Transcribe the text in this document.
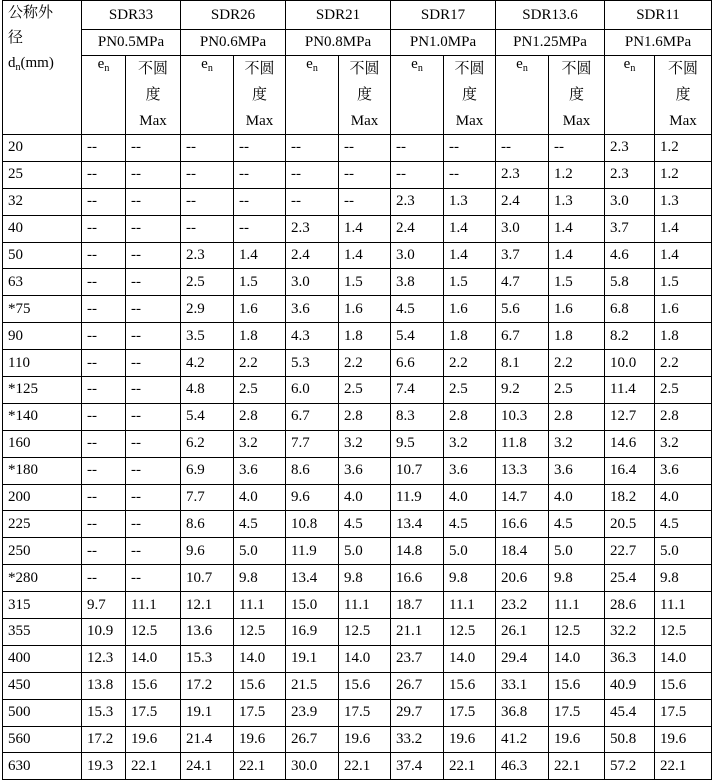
公称外
径
$d_n(mm)$	SDR33		SDR26		SDR21		SDR17		SDR13.6		SDR11	
	PN0.5MPa		PN0.6MPa		PN0.8MPa		PN1.0MPa		PN1.25MPa		PN1.6MPa	
	$e_n$	不圆
度
Max	$e_n$	不圆
度
Max	$e_n$	不圆
度
Max	$e_n$	不圆
度
Max	$e_n$	不圆
度
Max	$e_n$	不圆
度
Max

20	--	--	--	--	--	--	--	--	--	--	2.3	1.2
25	--	--	--	--	--	--	--	--	2.3	1.2	2.3	1.2
32	--	--	--	--	--	--	2.3	1.3	2.4	1.3	3.0	1.3
40	--	--	--	--	2.3	1.4	2.4	1.4	3.0	1.4	3.7	1.4
50	--	--	2.3	1.4	2.4	1.4	3.0	1.4	3.7	1.4	4.6	1.4
63	--	--	2.5	1.5	3.0	1.5	3.8	1.5	4.7	1.5	5.8	1.5
*75	--	--	2.9	1.6	3.6	1.6	4.5	1.6	5.6	1.6	6.8	1.6
90	--	--	3.5	1.8	4.3	1.8	5.4	1.8	6.7	1.8	8.2	1.8
110	--	--	4.2	2.2	5.3	2.2	6.6	2.2	8.1	2.2	10.0	2.2
*125	--	--	4.8	2.5	6.0	2.5	7.4	2.5	9.2	2.5	11.4	2.5
*140	--	--	5.4	2.8	6.7	2.8	8.3	2.8	10.3	2.8	12.7	2.8
160	--	--	6.2	3.2	7.7	3.2	9.5	3.2	11.8	3.2	14.6	3.2
*180	--	--	6.9	3.6	8.6	3.6	10.7	3.6	13.3	3.6	16.4	3.6
200	--	--	7.7	4.0	9.6	4.0	11.9	4.0	14.7	4.0	18.2	4.0
225	--	--	8.6	4.5	10.8	4.5	13.4	4.5	16.6	4.5	20.5	4.5
250	--	--	9.6	5.0	11.9	5.0	14.8	5.0	18.4	5.0	22.7	5.0
*280	--	--	10.7	9.8	13.4	9.8	16.6	9.8	20.6	9.8	25.4	9.8
315	9.7	11.1	12.1	11.1	15.0	11.1	18.7	11.1	23.2	11.1	28.6	11.1
355	10.9	12.5	13.6	12.5	16.9	12.5	21.1	12.5	26.1	12.5	32.2	12.5
400	12.3	14.0	15.3	14.0	19.1	14.0	23.7	14.0	29.4	14.0	36.3	14.0
450	13.8	15.6	17.2	15.6	21.5	15.6	26.7	15.6	33.1	15.6	40.9	15.6
500	15.3	17.5	19.1	17.5	23.9	17.5	29.7	17.5	36.8	17.5	45.4	17.5
560	17.2	19.6	21.4	19.6	26.7	19.6	33.2	19.6	41.2	19.6	50.8	19.6
630	19.3	22.1	24.1	22.1	30.0	22.1	37.4	22.1	46.3	22.1	57.2	22.1
